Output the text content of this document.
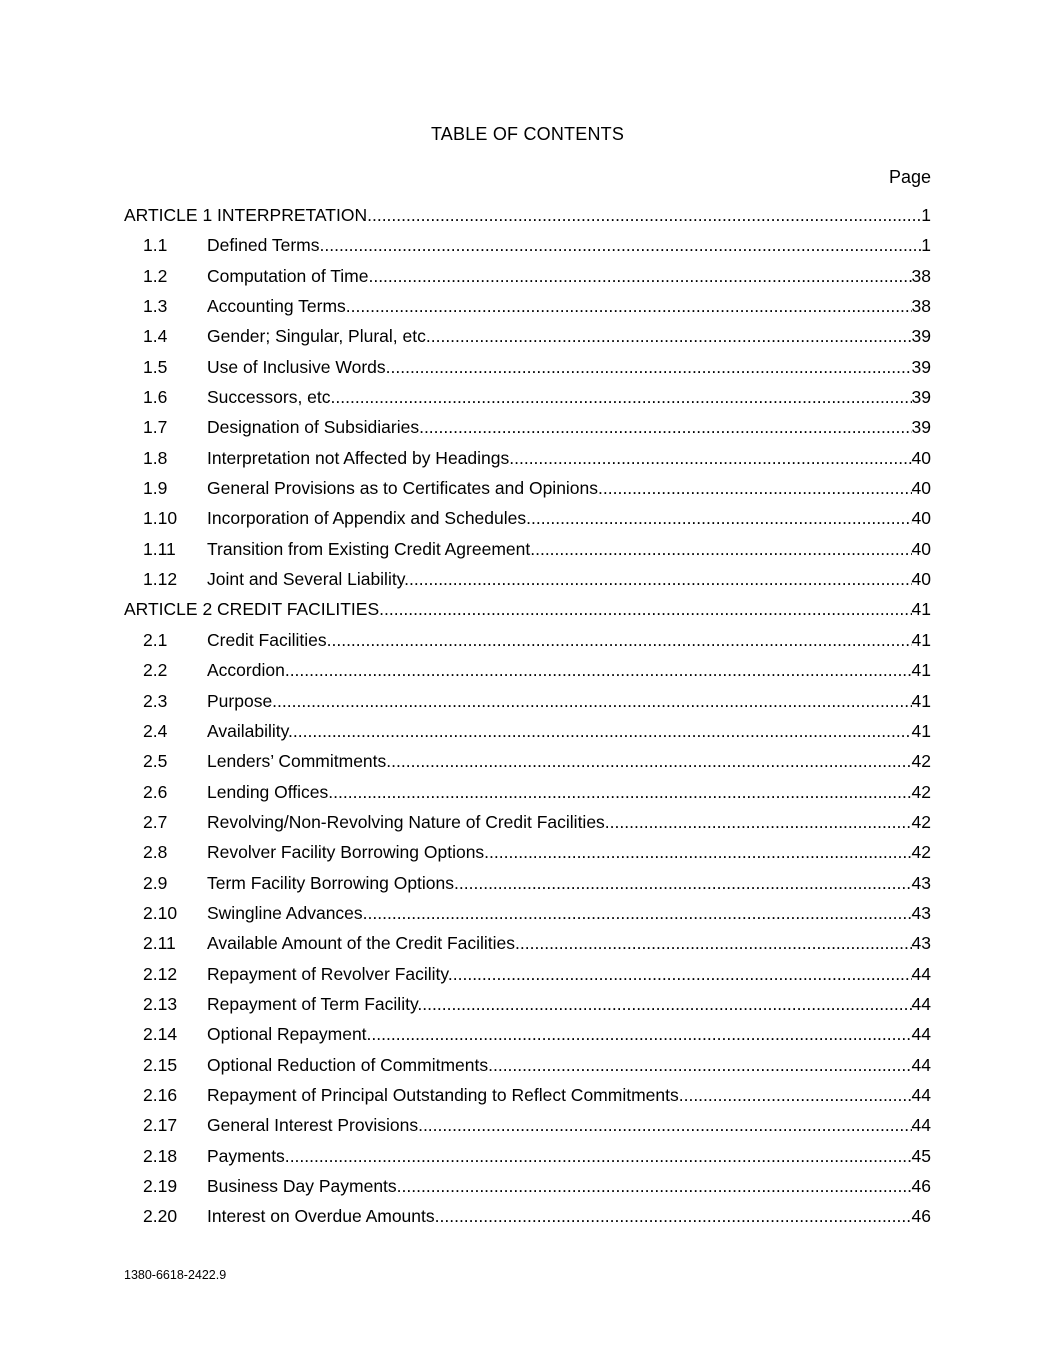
TABLE OF CONTENTS
Page
ARTICLE 1 INTERPRETATION .....	1
1.1	Defined Terms. .....	1
1.2	Computation of Time. .....	38
1.3	Accounting Terms. .....	38
1.4	Gender; Singular, Plural, etc. .....	39
1.5	Use of Inclusive Words. .....	39
1.6	Successors, etc. .....	39
1.7	Designation of Subsidiaries. .....	39
1.8	Interpretation not Affected by Headings. .....	40
1.9	General Provisions as to Certificates and Opinions. .....	40
1.10	Incorporation of Appendix and Schedules .....	40
1.11	Transition from Existing Credit Agreement .....	40
1.12	Joint and Several Liability. .....	40
ARTICLE 2 CREDIT FACILITIES .....	41
2.1	Credit Facilities. .....	41
2.2	Accordion. .....	41
2.3	Purpose. .....	41
2.4	Availability. .....	41
2.5	Lenders’ Commitments. .....	42
2.6	Lending Offices .....	42
2.7	Revolving/Non-Revolving Nature of Credit Facilities. .....	42
2.8	Revolver Facility Borrowing Options. .....	42
2.9	Term Facility Borrowing Options. .....	43
2.10	Swingline Advances .....	43
2.11	Available Amount of the Credit Facilities. .....	43
2.12	Repayment of Revolver Facility. .....	44
2.13	Repayment of Term Facility. .....	44
2.14	Optional Repayment. .....	44
2.15	Optional Reduction of Commitments. .....	44
2.16	Repayment of Principal Outstanding to Reflect Commitments. .....	44
2.17	General Interest Provisions .....	44
2.18	Payments. .....	45
2.19	Business Day Payments. .....	46
2.20	Interest on Overdue Amounts. .....	46
1380-6618-2422.9
